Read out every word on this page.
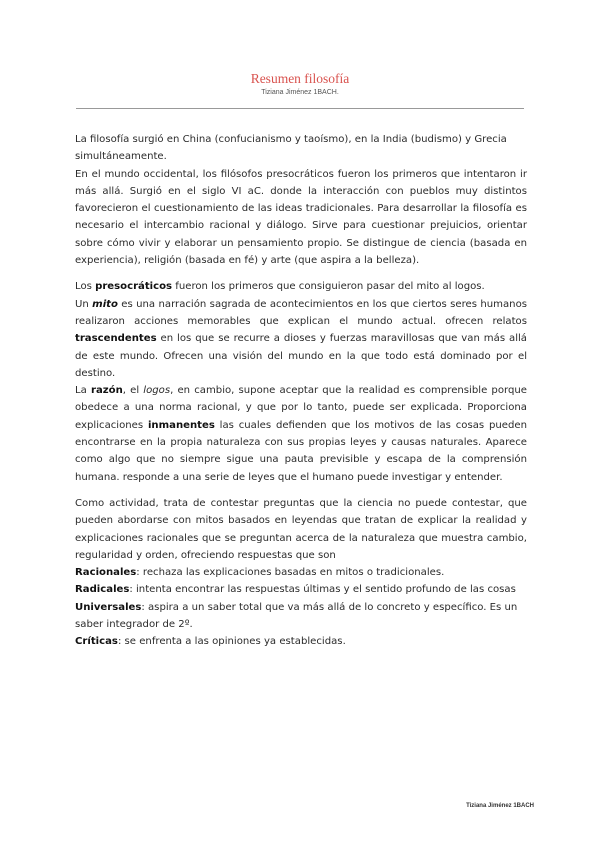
Resumen filosofía
Tiziana Jiménez 1BACH.

La filosofía surgió en China (confucianismo y taoísmo), en la India (budismo) y Grecia simultáneamente.

En el mundo occidental, los filósofos presocráticos fueron los primeros que intentaron ir más allá. Surgió en el siglo VI aC. donde la interacción con pueblos muy distintos favorecieron el cuestionamiento de las ideas tradicionales. Para desarrollar la filosofía es necesario el intercambio racional y diálogo. Sirve para cuestionar prejuicios, orientar sobre cómo vivir y elaborar un pensamiento propio. Se distingue de ciencia (basada en experiencia), religión (basada en fé) y arte (que aspira a la belleza).

Los presocráticos fueron los primeros que consiguieron pasar del mito al logos.

Un mito es una narración sagrada de acontecimientos en los que ciertos seres humanos realizaron acciones memorables que explican el mundo actual. ofrecen relatos trascendentes en los que se recurre a dioses y fuerzas maravillosas que van más allá de este mundo. Ofrecen una visión del mundo en la que todo está dominado por el destino.

La razón, el logos, en cambio, supone aceptar que la realidad es comprensible porque obedece a una norma racional, y que por lo tanto, puede ser explicada. Proporciona explicaciones inmanentes las cuales defienden que los motivos de las cosas pueden encontrarse en la propia naturaleza con sus propias leyes y causas naturales. Aparece como algo que no siempre sigue una pauta previsible y escapa de la comprensión humana. responde a una serie de leyes que el humano puede investigar y entender.

Como actividad, trata de contestar preguntas que la ciencia no puede contestar, que pueden abordarse con mitos basados en leyendas que tratan de explicar la realidad y explicaciones racionales que se preguntan acerca de la naturaleza que muestra cambio, regularidad y orden, ofreciendo respuestas que son

Racionales: rechaza las explicaciones basadas en mitos o tradicionales.

Radicales: intenta encontrar las respuestas últimas y el sentido profundo de las cosas

Universales: aspira a un saber total que va más allá de lo concreto y específico. Es un saber integrador de 2º.

Críticas: se enfrenta a las opiniones ya establecidas.

Tiziana Jiménez 1BACH
